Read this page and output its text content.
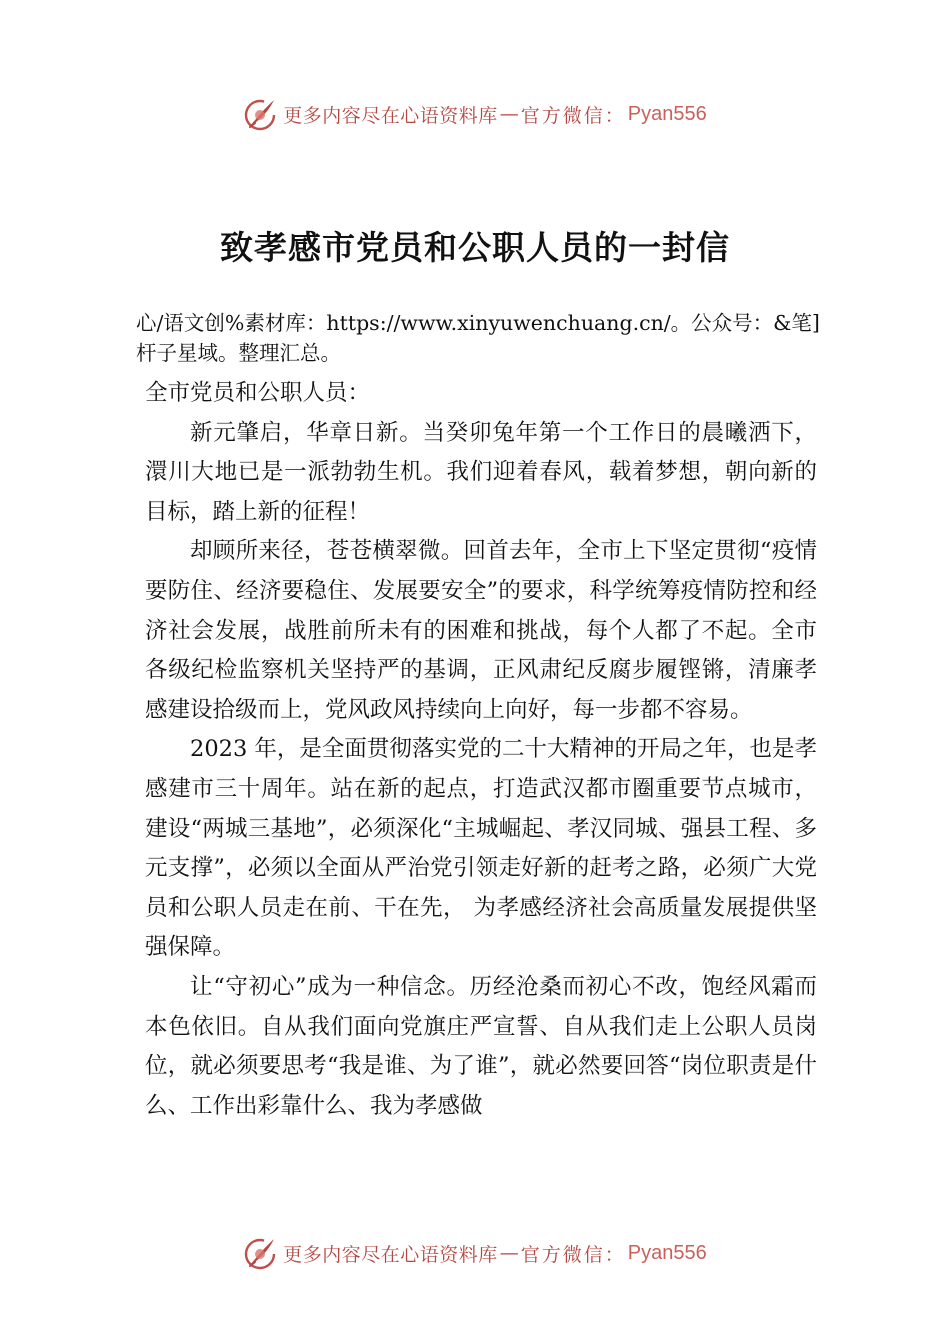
更多内容尽在心语资料库 — 官方微信： Pyan556
致孝感市党员和公职人员的一封信

心/语文创%素材库：https://www.xinyuwenchuang.cn/。公众号：&笔]杆子星域。整理汇总。

全市党员和公职人员：

新元肇启，华章日新。当癸卯兔年第一个工作日的晨曦洒下，澴川大地已是一派勃勃生机。我们迎着春风，载着梦想，朝向新的目标，踏上新的征程！

却顾所来径，苍苍横翠微。回首去年，全市上下坚定贯彻“疫情要防住、经济要稳住、发展要安全”的要求，科学统筹疫情防控和经济社会发展，战胜前所未有的困难和挑战，每个人都了不起。全市各级纪检监察机关坚持严的基调，正风肃纪反腐步履铿锵，清廉孝感建设拾级而上，党风政风持续向上向好，每一步都不容易。

2023 年，是全面贯彻落实党的二十大精神的开局之年，也是孝感建市三十周年。站在新的起点，打造武汉都市圈重要节点城市，建设“两城三基地”，必须深化“主城崛起、孝汉同城、强县工程、多元支撑”，必须以全面从严治党引领走好新的赶考之路，必须广大党员和公职人员走在前、干在先， 为孝感经济社会高质量发展提供坚强保障。

让“守初心”成为一种信念。历经沧桑而初心不改，饱经风霜而本色依旧。自从我们面向党旗庄严宣誓、自从我们走上公职人员岗位，就必须要思考“我是谁、为了谁”，就必然要回答“岗位职责是什么、工作出彩靠什么、我为孝感做

更多内容尽在心语资料库 — 官方微信： Pyan556
